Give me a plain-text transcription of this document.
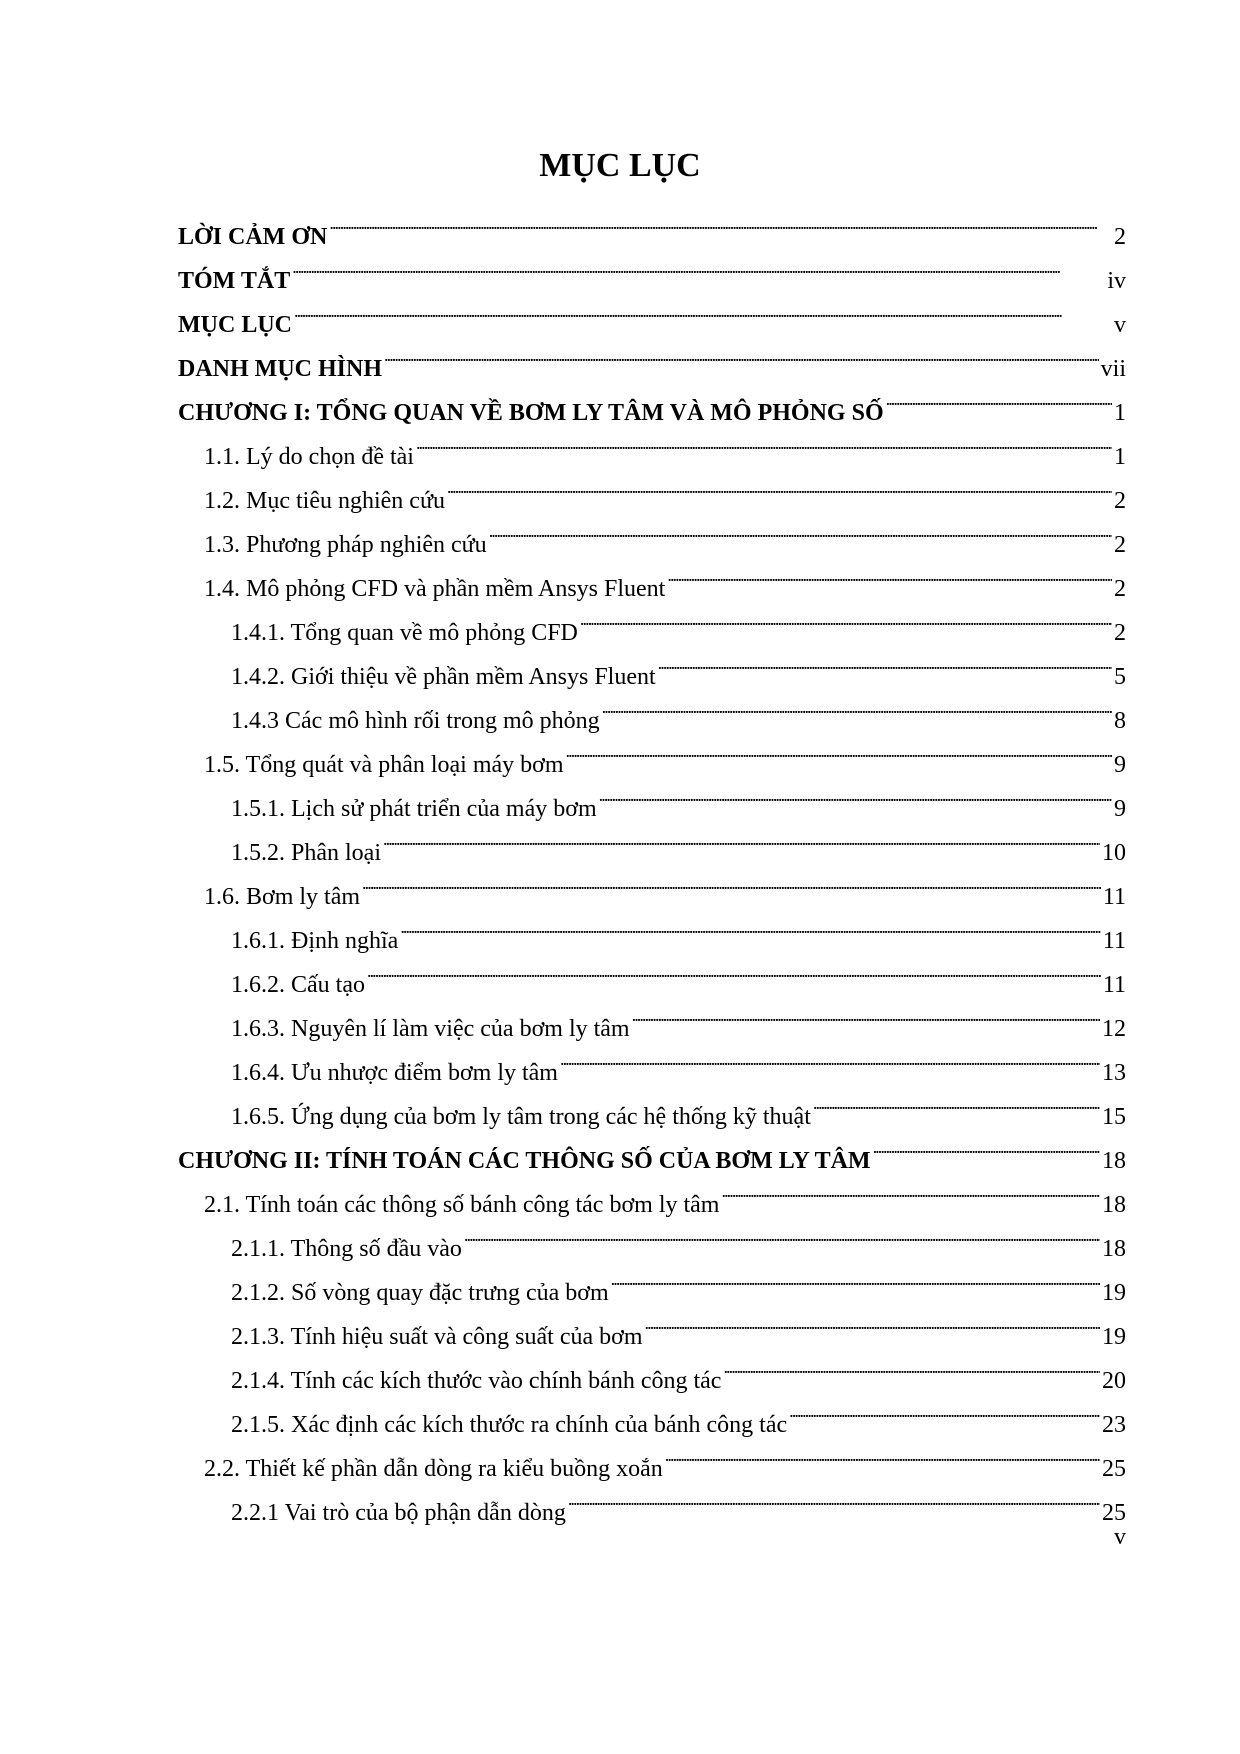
MỤC LỤC
LỜI CẢM ƠN . . .	2
TÓM TẮT . . .	iv
MỤC LỤC . . .	v
DANH MỤC HÌNH . . .	vii
CHƯƠNG I: TỔNG QUAN VỀ BƠM LY TÂM VÀ MÔ PHỎNG SỐ . . .	1
1.1. Lý do chọn đề tài . . .	1
1.2. Mục tiêu nghiên cứu . . .	2
1.3. Phương pháp nghiên cứu . . .	2
1.4. Mô phỏng CFD và phần mềm Ansys Fluent . . .	2
1.4.1. Tổng quan về mô phỏng CFD . . .	2
1.4.2. Giới thiệu về phần mềm Ansys Fluent . . .	5
1.4.3 Các mô hình rối trong mô phỏng . . .	8
1.5. Tổng quát và phân loại máy bơm . . .	9
1.5.1. Lịch sử phát triển của máy bơm . . .	9
1.5.2. Phân loại . . .	10
1.6. Bơm ly tâm . . .	11
1.6.1. Định nghĩa . . .	11
1.6.2. Cấu tạo . . .	11
1.6.3. Nguyên lí làm việc của bơm ly tâm . . .	12
1.6.4. Ưu nhược điểm bơm ly tâm . . .	13
1.6.5. Ứng dụng của bơm ly tâm trong các hệ thống kỹ thuật . . .	15
CHƯƠNG II: TÍNH TOÁN CÁC THÔNG SỐ CỦA BƠM LY TÂM . . .	18
2.1. Tính toán các thông số bánh công tác bơm ly tâm . . .	18
2.1.1. Thông số đầu vào . . .	18
2.1.2. Số vòng quay đặc trưng của bơm . . .	19
2.1.3. Tính hiệu suất và công suất của bơm . . .	19
2.1.4. Tính các kích thước vào chính bánh công tác . . .	20
2.1.5. Xác định các kích thước ra chính của bánh công tác . . .	23
2.2. Thiết kế phần dẫn dòng ra kiểu buồng xoắn . . .	25
2.2.1 Vai trò của bộ phận dẫn dòng . . .	25
v
